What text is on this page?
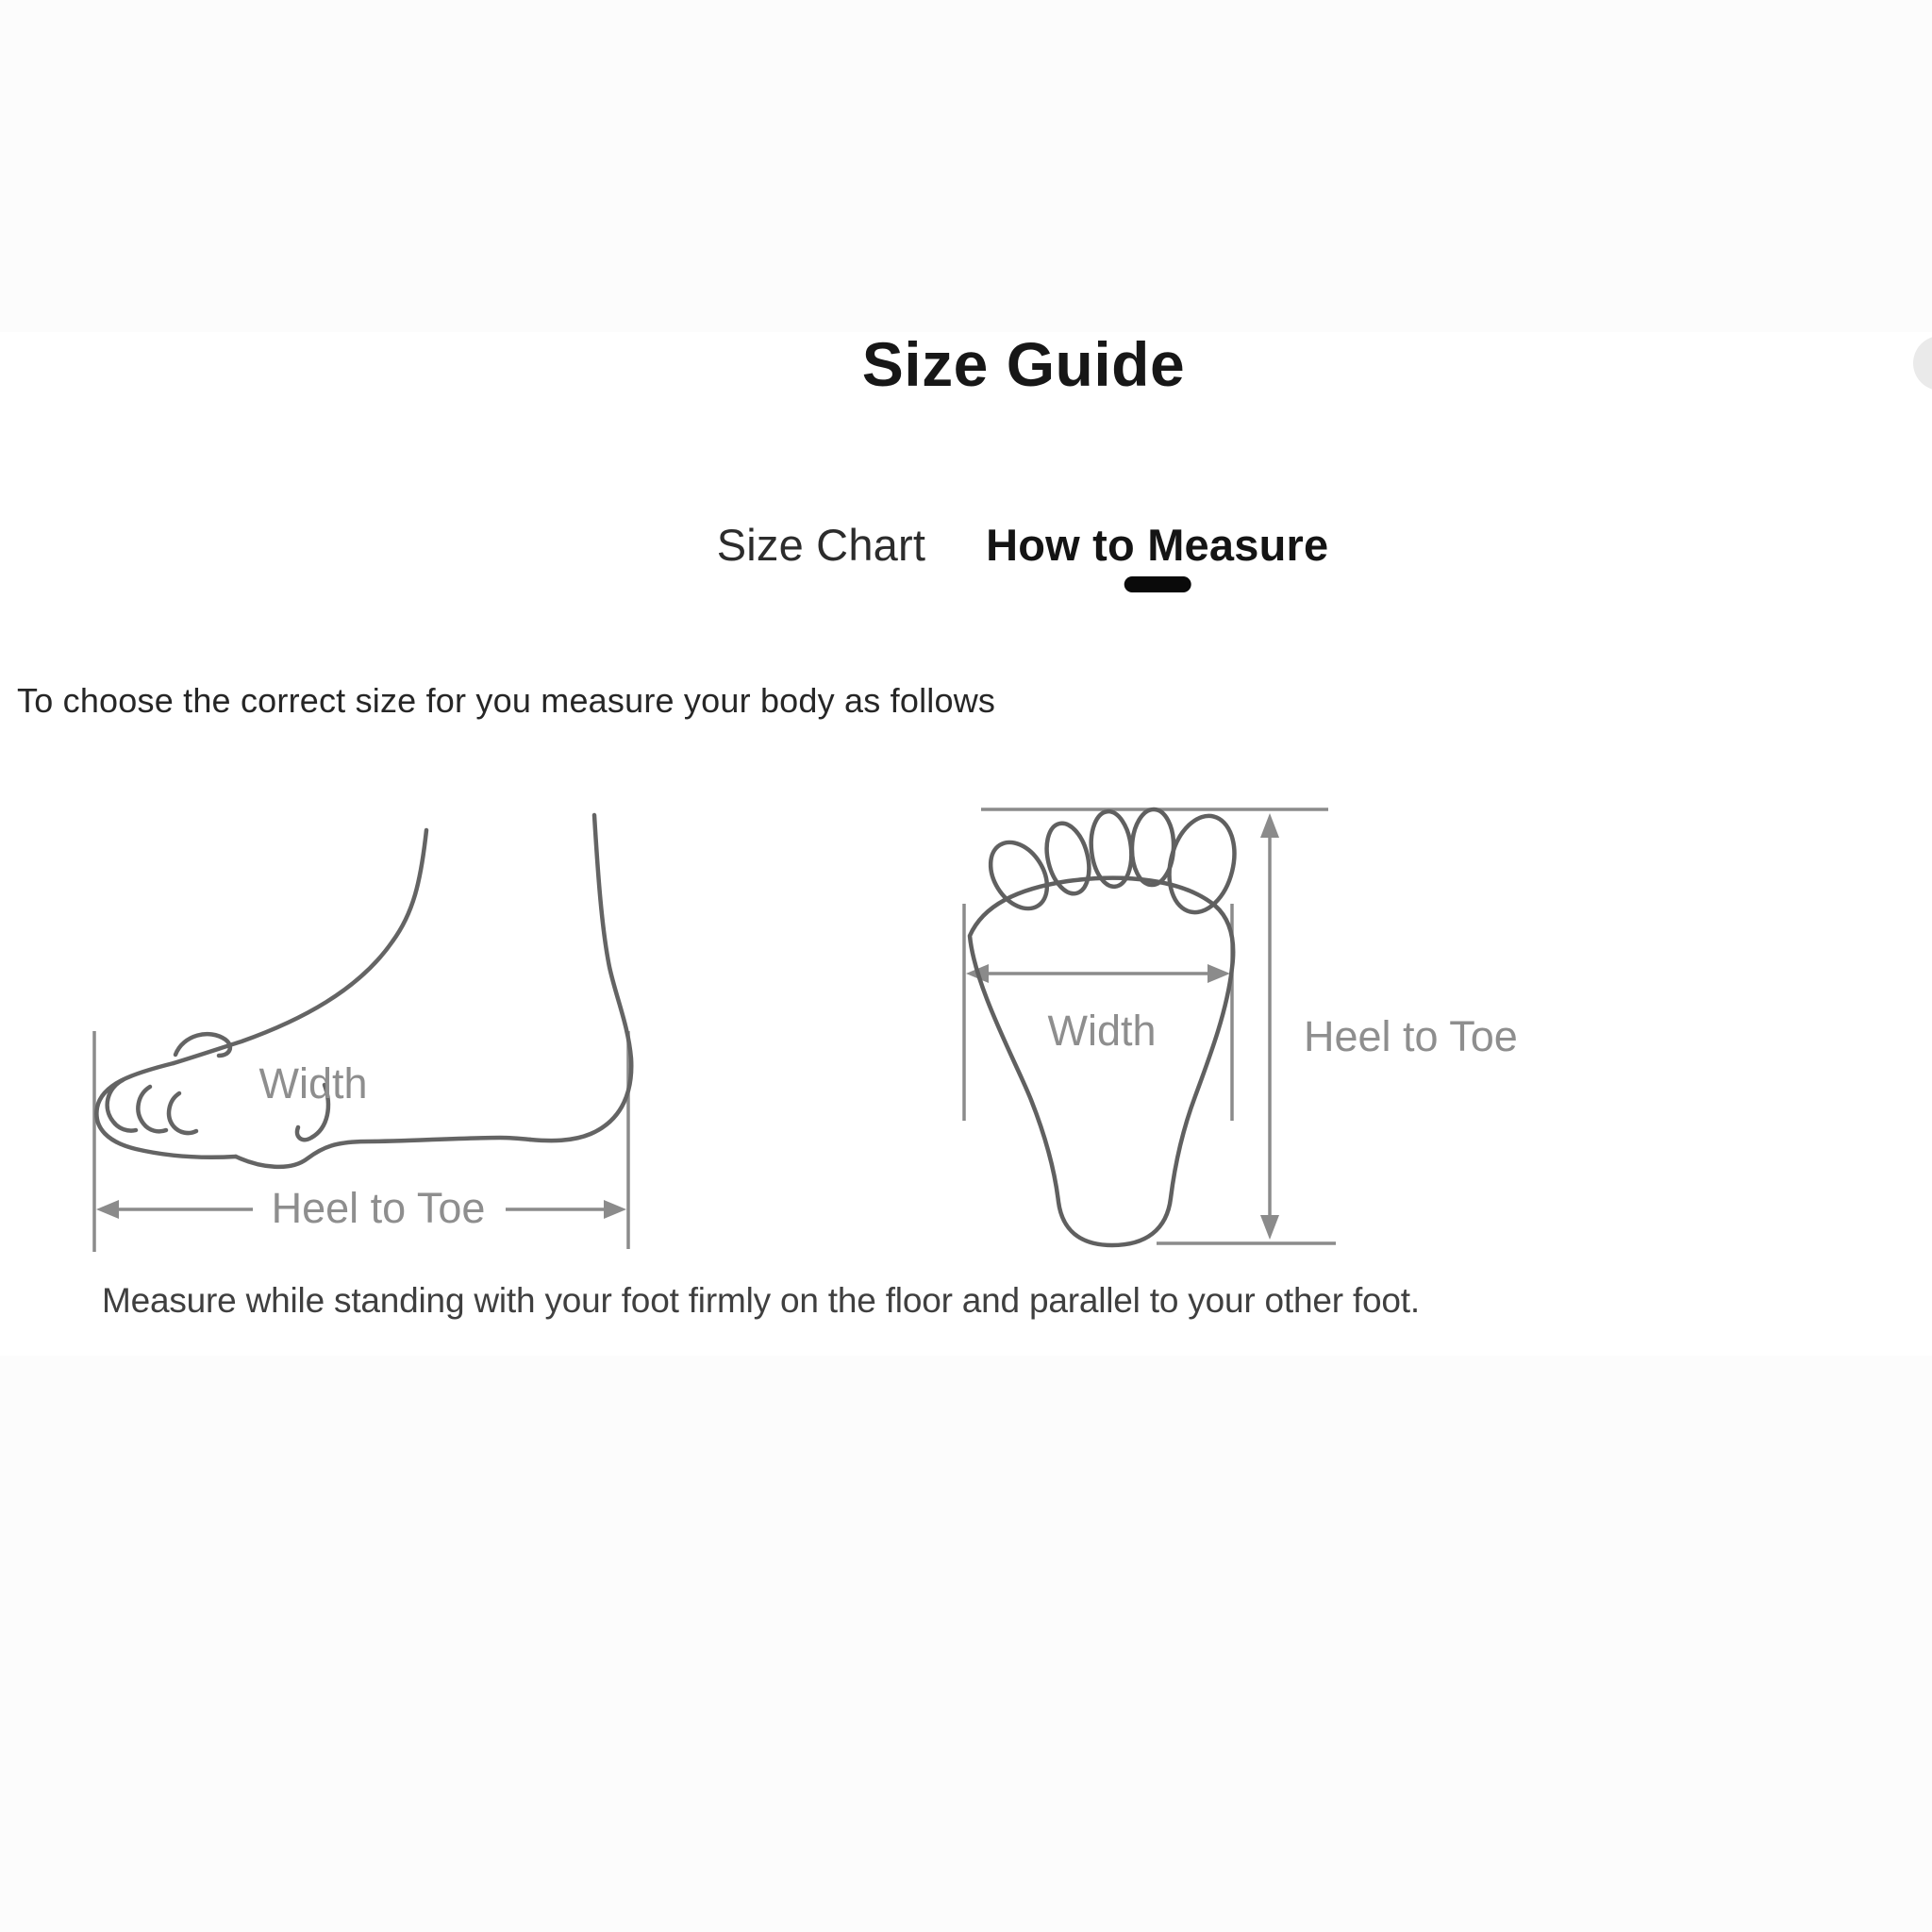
Size Guide
Size Chart How to Measure

To choose the correct size for you measure your body as follows

Width
Heel to Toe
Width	Heel to Toe

Measure while standing with your foot firmly on the floor and parallel to your other foot.
